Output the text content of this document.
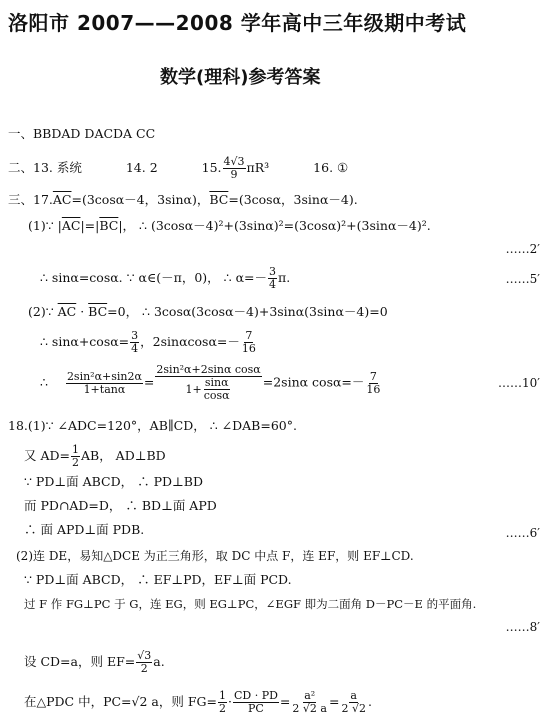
洛阳市 2007——2008 学年高中三年级期中考试
数学(理科)参考答案
一、BBDAD DACDA CC
二、13. 系统	14. 2	15. $\frac{4√3}{9} \pi R^3$	16. ①
三、$17.\overline{AC}=(3\cos\alpha-4$，3sinα)，$\overline{BC}=(3\cos\alpha$，3sinα－4).
(1)∵ $|\overline{AC}|=|\overline{BC}|$， ∴ (3cosα－4)²+(3sinα)²=(3cosα)²+(3sinα－4)².
……2′
∴ sinα=cosα. ∵ α∈(－π，0)， ∴ $\alpha=- \frac{3}{4} \pi$.	……5′
(2)∵ $\overline{AC} \cdot \overline{BC}=0$， ∴ 3cosα(3cosα－4)+3sinα(3sinα－4)=0
∴ $\sin\alpha+\cos\alpha= \frac{3}{4}$ ，$2\sin\alpha\cos\alpha=- \frac{7}{16}$
∴ $\frac{\text{2sin²α+sin2α}}{1+\tan\alpha} = \frac{\text{2sin²α+2sinα cosα}}{1+ \frac{\sin\alpha}{\cos\alpha}} =2\sin\alpha$ $\cos\alpha=- \frac{7}{16}$	……10′
18.(1)∵ ∠ADC=120°，AB∥CD， ∴ ∠DAB=60°.
又 $AD= \frac{1}{2}$ AB， AD⊥BD
∵ PD⊥面 ABCD， ∴ PD⊥BD
而 PD∩AD=D， ∴ BD⊥面 APD
∴ 面 APD⊥面 PDB.	……6′
(2)连 DE，易知△DCE 为正三角形，取 DC 中点 F，连 EF，则 EF⊥CD.
∵ PD⊥面 ABCD， ∴ EF⊥PD，EF⊥面 PCD.
过 F 作 FG⊥PC 于 G，连 EG，则 EG⊥PC，∠EGF 即为二面角 D－PC－E 的平面角.
……8′
设 CD=a，则 $EF= \frac{√3}{2} a$.
在△PDC 中，PC=√2 a，则 $FG= \frac{1}{2} \cdot \frac{CD \cdot PD}{PC} = \frac{\text{a²}}{2 √2 a} = \frac{a}{2 √2}$ .
